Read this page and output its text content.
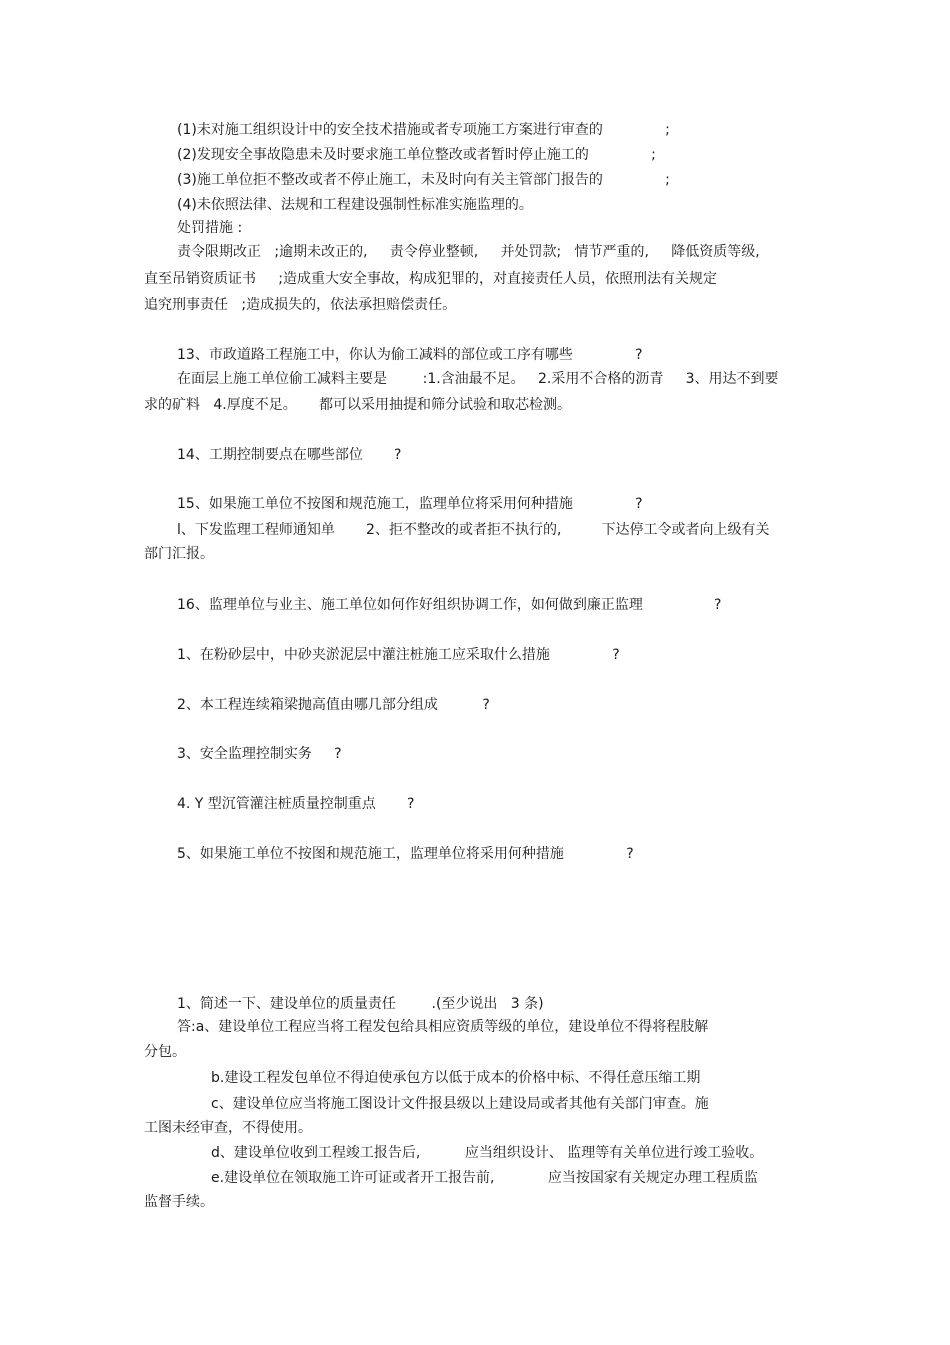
(1)未对施工组织设计中的安全技术措施或者专项施工方案进行审查的              ;
(2)发现安全事故隐患未及时要求施工单位整改或者暂时停止施工的              ;
(3)施工单位拒不整改或者不停止施工，未及时向有关主管部门报告的              ;
(4)未依照法律、法规和工程建设强制性标准实施监理的。
处罚措施 :
责令限期改正   ;逾期未改正的,     责令停业整顿,     并处罚款;   情节严重的,     降低资质等级,
直至吊销资质证书     ;造成重大安全事故，构成犯罪的，对直接责任人员，依照刑法有关规定
追究刑事责任   ;造成损失的，依法承担赔偿责任。
13、市政道路工程施工中，你认为偷工减料的部位或工序有哪些              ?
在面层上施工单位偷工减料主要是        :1.含油最不足。   2.采用不合格的沥青     3、用达不到要
求的矿料   4.厚度不足。     都可以采用抽提和筛分试验和取芯检测。
14、工期控制要点在哪些部位       ?
15、如果施工单位不按图和规范施工，监理单位将采用何种措施              ?
l、下发监理工程师通知单       2、拒不整改的或者拒不执行的,         下达停工令或者向上级有关
部门汇报。
16、监理单位与业主、施工单位如何作好组织协调工作，如何做到廉正监理                ?
1、在粉砂层中，中砂夹淤泥层中灌注桩施工应采取什么措施              ?
2、本工程连续箱梁抛高值由哪几部分组成          ?
3、安全监理控制实务     ?
4. Y 型沉管灌注桩质量控制重点       ?
5、如果施工单位不按图和规范施工，监理单位将采用何种措施              ?
1、简述一下、建设单位的质量责任        .(至少说出   3 条)
答:a、建设单位工程应当将工程发包给具相应资质等级的单位，建设单位不得将程肢解
分包。
b.建设工程发包单位不得迫使承包方以低于成本的价格中标、不得任意压缩工期
c、建设单位应当将施工图设计文件报县级以上建设局或者其他有关部门审查。施
工图未经审查，不得使用。
d、建设单位收到工程竣工报告后,          应当组织设计、 监理等有关单位进行竣工验收。
e.建设单位在领取施工许可证或者开工报告前,            应当按国家有关规定办理工程质监
监督手续。
